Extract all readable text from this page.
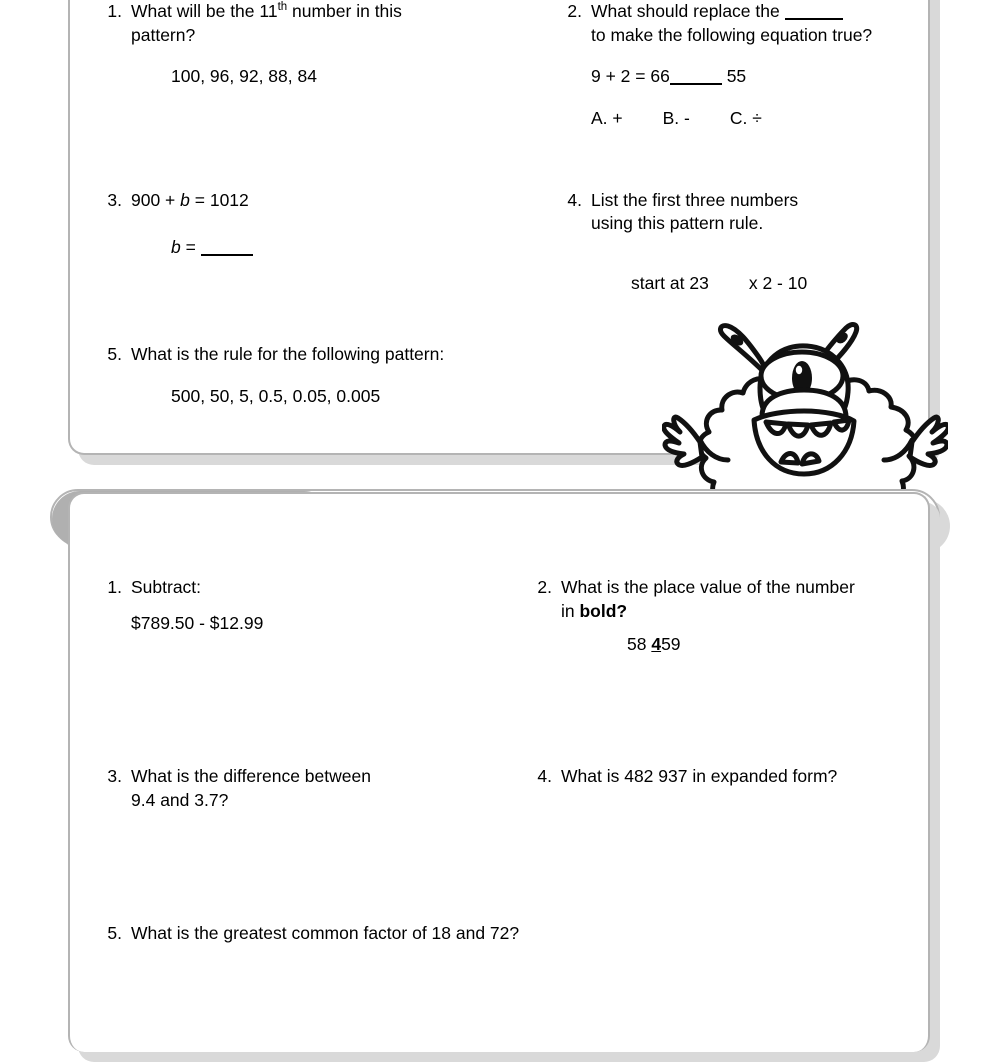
1. What will be the 11th number in this
pattern?
100, 96, 92, 88, 84
2. What should replace the
to make the following equation true?
9 + 2 = 66	55
A. + B. - C. ÷
3. 900 + b = 1012
b =
4. List the first three numbers
using this pattern rule.
start at 23 x 2 - 10
5. What is the rule for the following pattern:
500, 50, 5, 0.5, 0.05, 0.005
1. Subtract:
$789.50 - $12.99
2. What is the place value of the number
in bold?
58 459
3. What is the difference between
9.4 and 3.7?
4. What is 482 937 in expanded form?
5. What is the greatest common factor of 18 and 72?
